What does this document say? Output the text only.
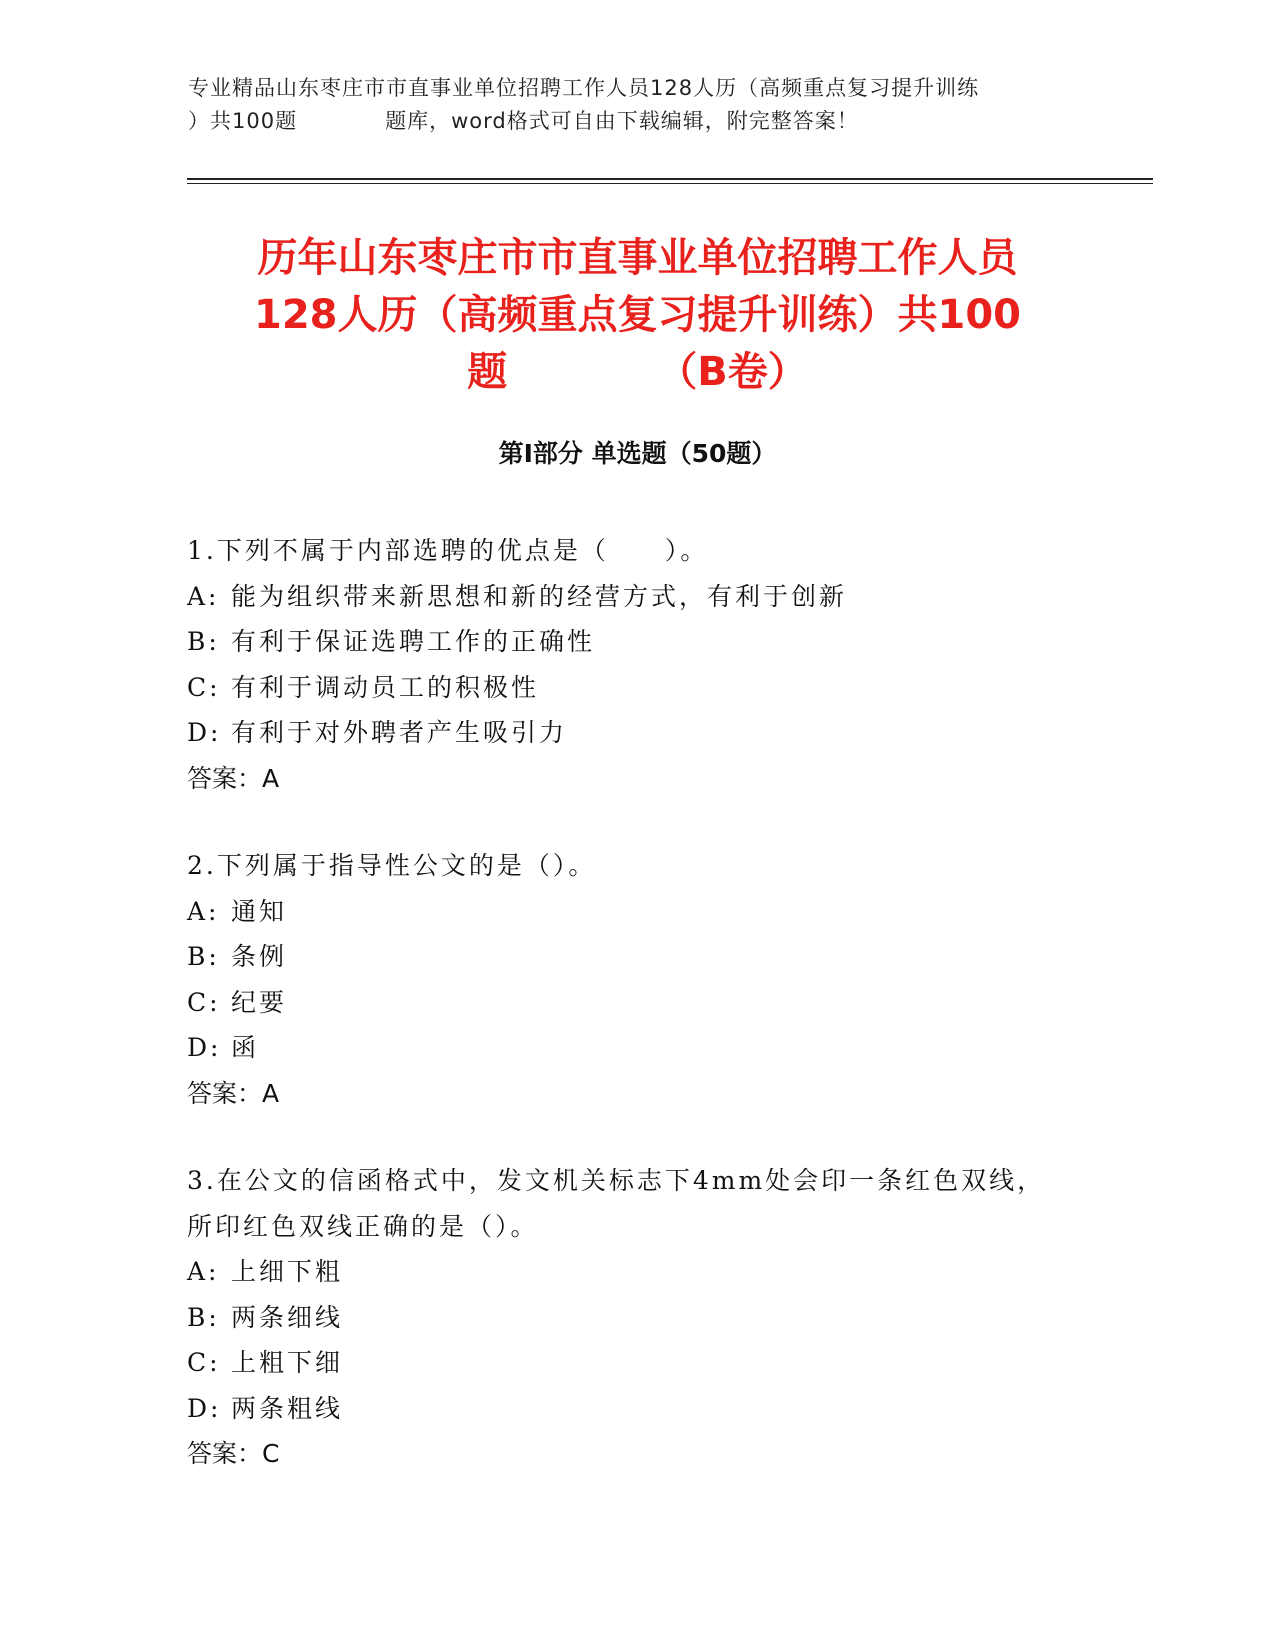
专业精品山东枣庄市市直事业单位招聘工作人员128人历（高频重点复习提升训练
）共100题　　　　题库，word格式可自由下载编辑，附完整答案！
历年山东枣庄市市直事业单位招聘工作人员
128人历（高频重点复习提升训练）共100
题	（B卷）
第Ⅰ部分 单选题（50题）
1.下列不属于内部选聘的优点是（　　）。
A: 能为组织带来新思想和新的经营方式，有利于创新
B: 有利于保证选聘工作的正确性
C: 有利于调动员工的积极性
D: 有利于对外聘者产生吸引力
答案：A
2.下列属于指导性公文的是（）。
A: 通知
B: 条例
C: 纪要
D: 函
答案：A
3.在公文的信函格式中，发文机关标志下4mm处会印一条红色双线，所印红色双线正确的是（）。
A: 上细下粗
B: 两条细线
C: 上粗下细
D: 两条粗线
答案：C
